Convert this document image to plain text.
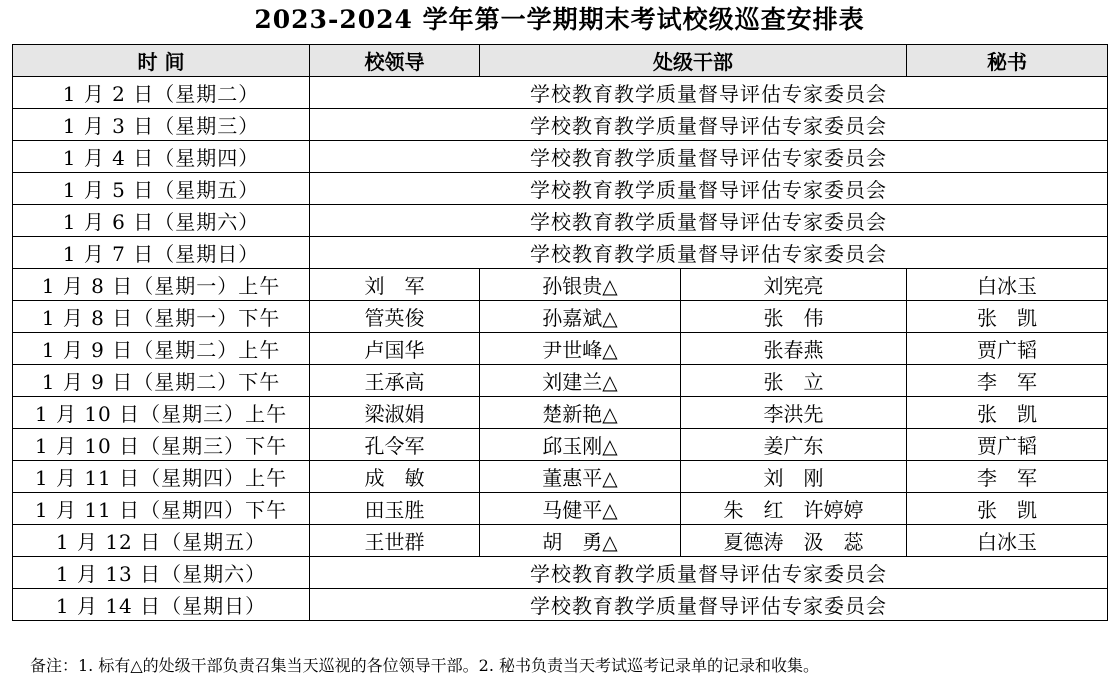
2023-2024 学年第一学期期末考试校级巡查安排表
时 间	校领导	处级干部		秘书
1 月 2 日（星期二）	学校教育教学质量督导评估专家委员会			
1 月 3 日（星期三）	学校教育教学质量督导评估专家委员会			
1 月 4 日（星期四）	学校教育教学质量督导评估专家委员会			
1 月 5 日（星期五）	学校教育教学质量督导评估专家委员会			
1 月 6 日（星期六）	学校教育教学质量督导评估专家委员会			
1 月 7 日（星期日）	学校教育教学质量督导评估专家委员会			
1 月 8 日（星期一）上午	刘　军	孙银贵△	刘宪亮	白冰玉
1 月 8 日（星期一）下午	管英俊	孙嘉斌△	张　伟	张　凯
1 月 9 日（星期二）上午	卢国华	尹世峰△	张春燕	贾广韬
1 月 9 日（星期二）下午	王承高	刘建兰△	张　立	李　军
1 月 10 日（星期三）上午	梁淑娟	楚新艳△	李洪先	张　凯
1 月 10 日（星期三）下午	孔令军	邱玉刚△	姜广东	贾广韬
1 月 11 日（星期四）上午	成　敏	董惠平△	刘　刚	李　军
1 月 11 日（星期四）下午	田玉胜	马健平△	朱　红　许婷婷	张　凯
1 月 12 日（星期五）	王世群	胡　勇△	夏德涛　汲　蕊	白冰玉
1 月 13 日（星期六）	学校教育教学质量督导评估专家委员会			
1 月 14 日（星期日）	学校教育教学质量督导评估专家委员会			
备注：1. 标有△的处级干部负责召集当天巡视的各位领导干部。2. 秘书负责当天考试巡考记录单的记录和收集。
